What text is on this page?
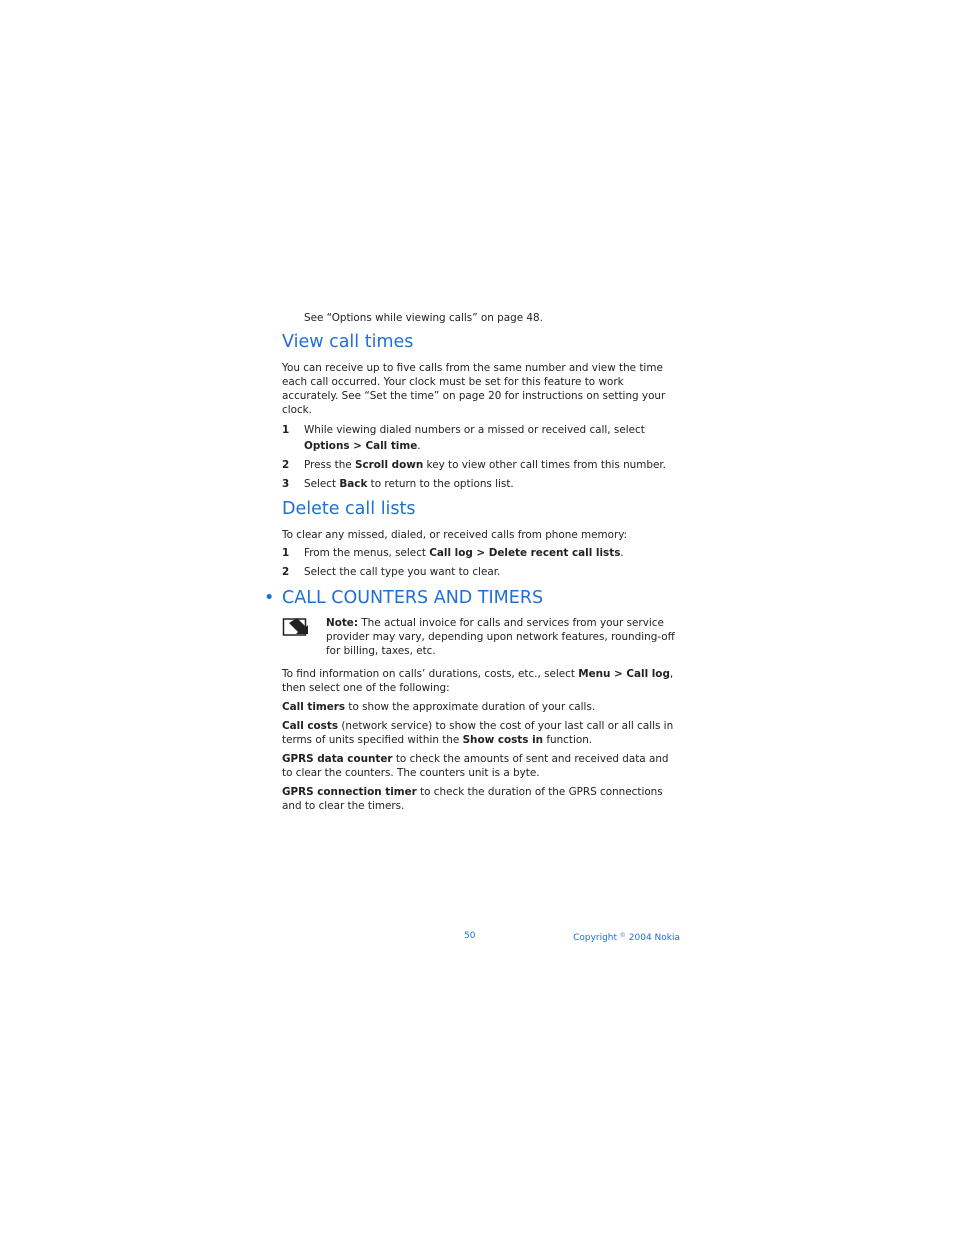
See “Options while viewing calls” on page 48.

View call times

You can receive up to five calls from the same number and view the time each call occurred. Your clock must be set for this feature to work accurately. See “Set the time” on page 20 for instructions on setting your clock.

1	While viewing dialed numbers or a missed or received call, select Options > Call time.
2	Press the Scroll down key to view other call times from this number.
3	Select Back to return to the options list.
Delete call lists

To clear any missed, dialed, or received calls from phone memory:

1	From the menus, select Call log > Delete recent call lists.
2	Select the call type you want to clear.
• CALL COUNTERS AND TIMERS

Note: The actual invoice for calls and services from your service provider may vary, depending upon network features, rounding-off for billing, taxes, etc.

To find information on calls’ durations, costs, etc., select Menu > Call log, then select one of the following:

Call timers to show the approximate duration of your calls.

Call costs (network service) to show the cost of your last call or all calls in terms of units specified within the Show costs in function.

GPRS data counter to check the amounts of sent and received data and to clear the counters. The counters unit is a byte.

GPRS connection timer to check the duration of the GPRS connections and to clear the timers.

50	Copyright © 2004 Nokia
